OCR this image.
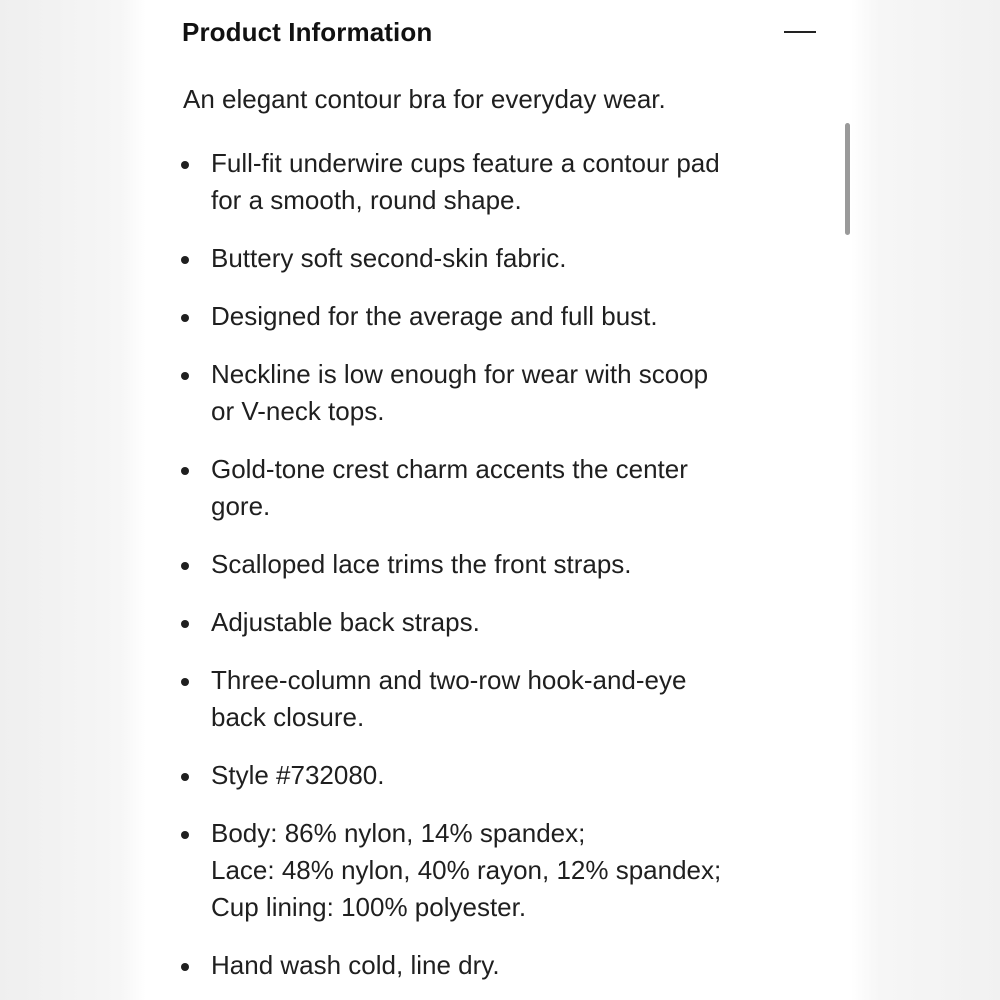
Product Information
An elegant contour bra for everyday wear.
Full-fit underwire cups feature a contour pad
for a smooth, round shape.
Buttery soft second-skin fabric.
Designed for the average and full bust.
Neckline is low enough for wear with scoop
or V-neck tops.
Gold-tone crest charm accents the center
gore.
Scalloped lace trims the front straps.
Adjustable back straps.
Three-column and two-row hook-and-eye
back closure.
Style #732080.
Body: 86% nylon, 14% spandex;
Lace: 48% nylon, 40% rayon, 12% spandex;
Cup lining: 100% polyester.
Hand wash cold, line dry.
